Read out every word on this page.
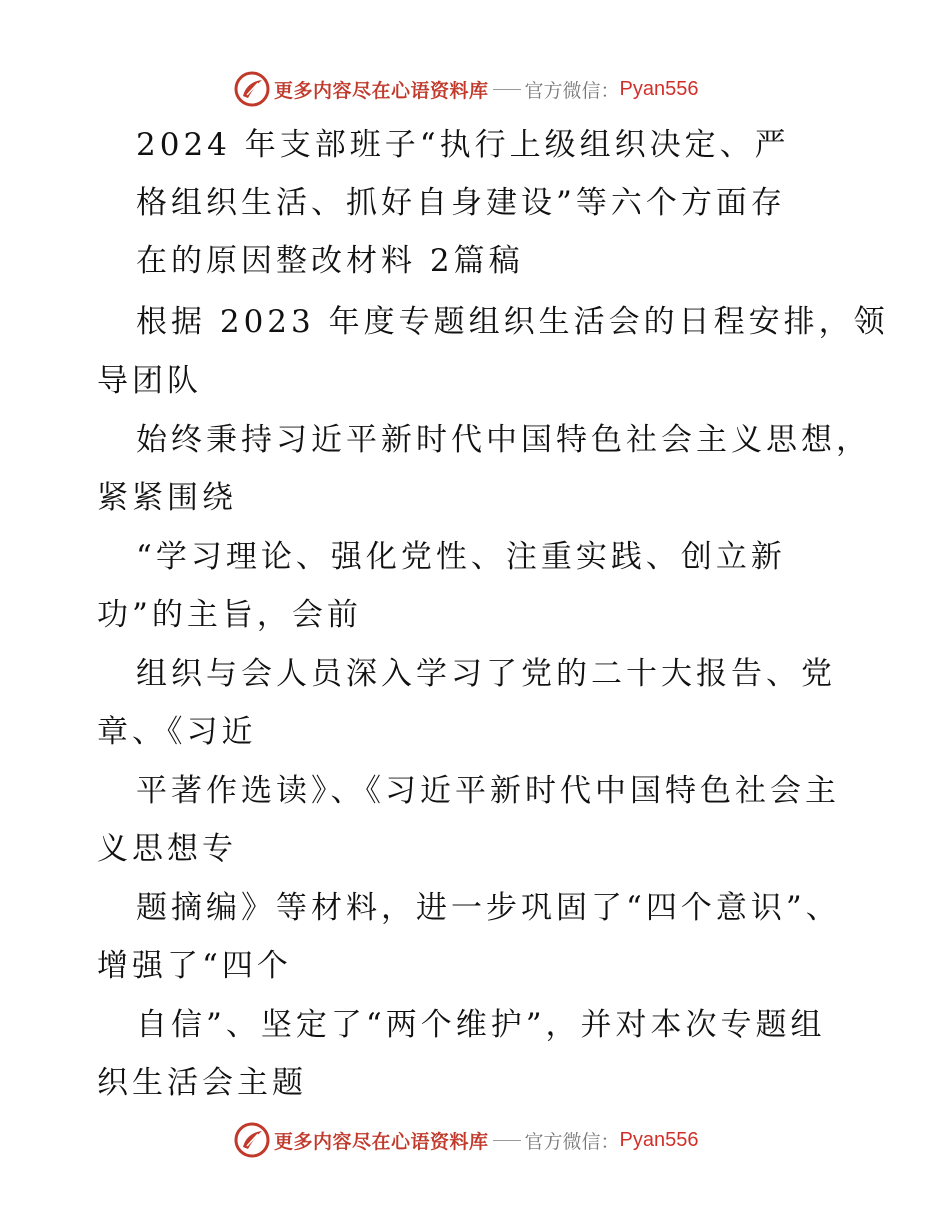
更多内容尽在心语资料库 官方微信： Pyan556
2024 年支部班子“执行上级组织决定、严
格组织生活、抓好自身建设”等六个方面存
在的原因整改材料 2篇稿
根据 2023 年度专题组织生活会的日程安排，领
导团队
始终秉持习近平新时代中国特色社会主义思想，
紧紧围绕
“学习理论、强化党性、注重实践、创立新
功”的主旨，会前
组织与会人员深入学习了党的二十大报告、党
章、《习近
平著作选读》、《习近平新时代中国特色社会主
义思想专
题摘编》等材料，进一步巩固了“四个意识”、
增强了“四个
自信”、坚定了“两个维护”，并对本次专题组
织生活会主题
更多内容尽在心语资料库 官方微信： Pyan556
